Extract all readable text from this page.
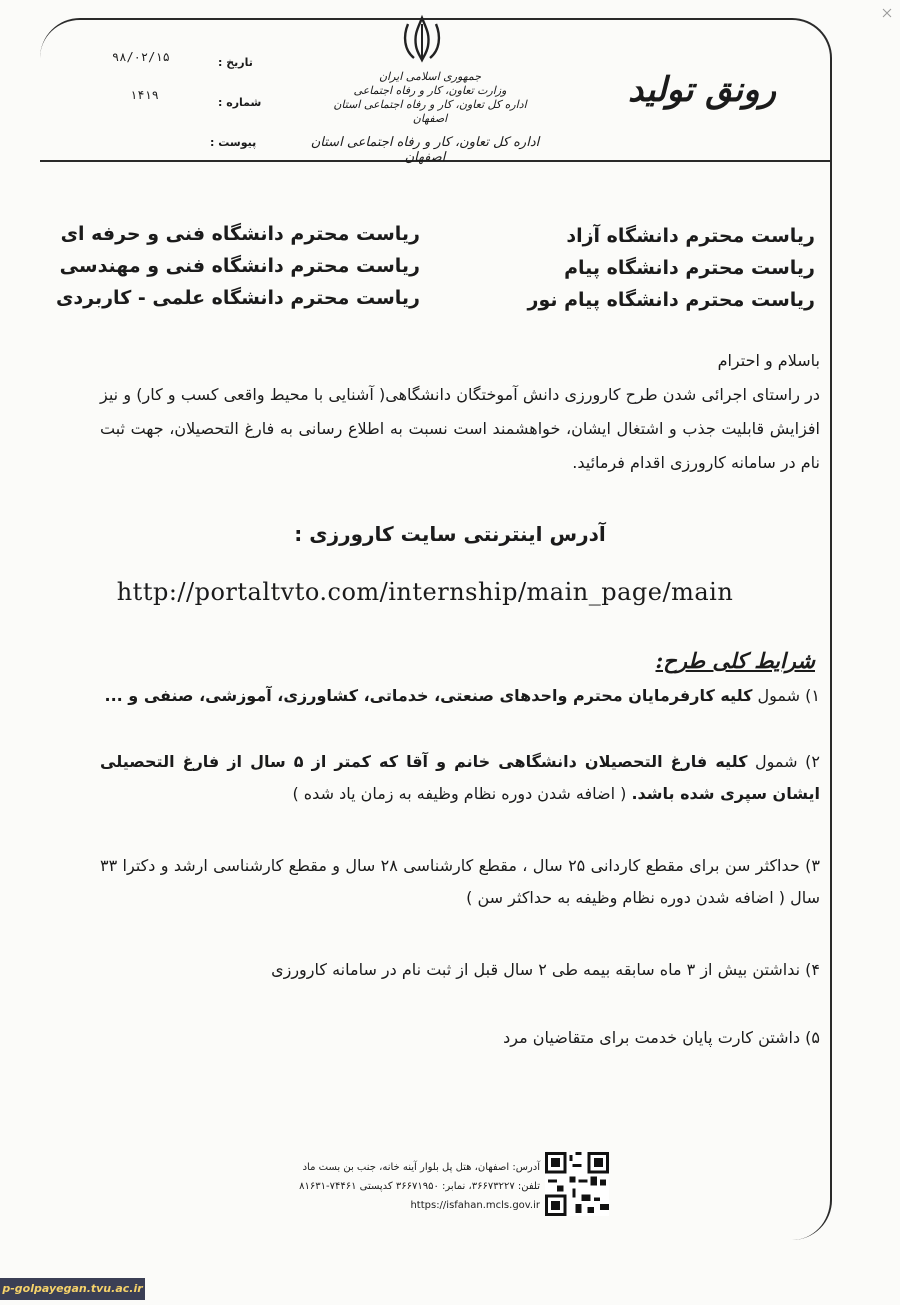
رونق تولید
جمهوری اسلامی ایران
وزارت تعاون، کار و رفاه اجتماعی
اداره کل تعاون، کار و رفاه اجتماعی استان اصفهان
اداره کل تعاون، کار و رفاه اجتماعی استان اصفهان
تاریخ :
۹۸/۰۲/۱۵
شماره :
۱۴۱۹
پیوست :
ریاست محترم دانشگاه آزاد
ریاست محترم دانشگاه پیام
ریاست محترم دانشگاه پیام نور
ریاست محترم دانشگاه فنی و حرفه ای
ریاست محترم دانشگاه فنی و مهندسی
ریاست محترم دانشگاه علمی - کاربردی
باسلام و احترام
در راستای اجرائی شدن طرح کارورزی دانش آموختگان دانشگاهی( آشنایی با محیط واقعی کسب و کار) و نیز افزایش قابلیت جذب و اشتغال ایشان، خواهشمند است نسبت به اطلاع رسانی به فارغ التحصیلان، جهت ثبت نام در سامانه کارورزی اقدام فرمائید.
آدرس اینترنتی سایت کارورزی :
http://portaltvto.com/internship/main_page/main
شرایط کلی طرح:
۱) شمول کلیه کارفرمایان محترم واحدهای صنعتی، خدماتی، کشاورزی، آموزشی، صنفی و ...
۲) شمول کلیه فارغ التحصیلان دانشگاهی خانم و آقا که کمتر از ۵ سال از فارغ التحصیلی ایشان سپری شده باشد. ( اضافه شدن دوره نظام وظیفه به زمان یاد شده )
۳) حداکثر سن برای مقطع کاردانی ۲۵ سال ، مقطع کارشناسی ۲۸ سال و مقطع کارشناسی ارشد و دکترا ۳۳ سال ( اضافه شدن دوره نظام وظیفه به حداکثر سن )
۴) نداشتن بیش از ۳ ماه سابقه بیمه طی ۲ سال قبل از ثبت نام در سامانه کارورزی
۵) داشتن کارت پایان خدمت برای متقاضیان مرد
آدرس: اصفهان، هتل پل بلوار آینه خانه، جنب بن بست ماد
تلفن: ۳۶۶۷۳۲۲۷، نمابر: ۳۶۶۷۱۹۵۰ کدپستی ۷۴۴۶۱-۸۱۶۳۱
https://isfahan.mcls.gov.ir
p-golpayegan.tvu.ac.ir
